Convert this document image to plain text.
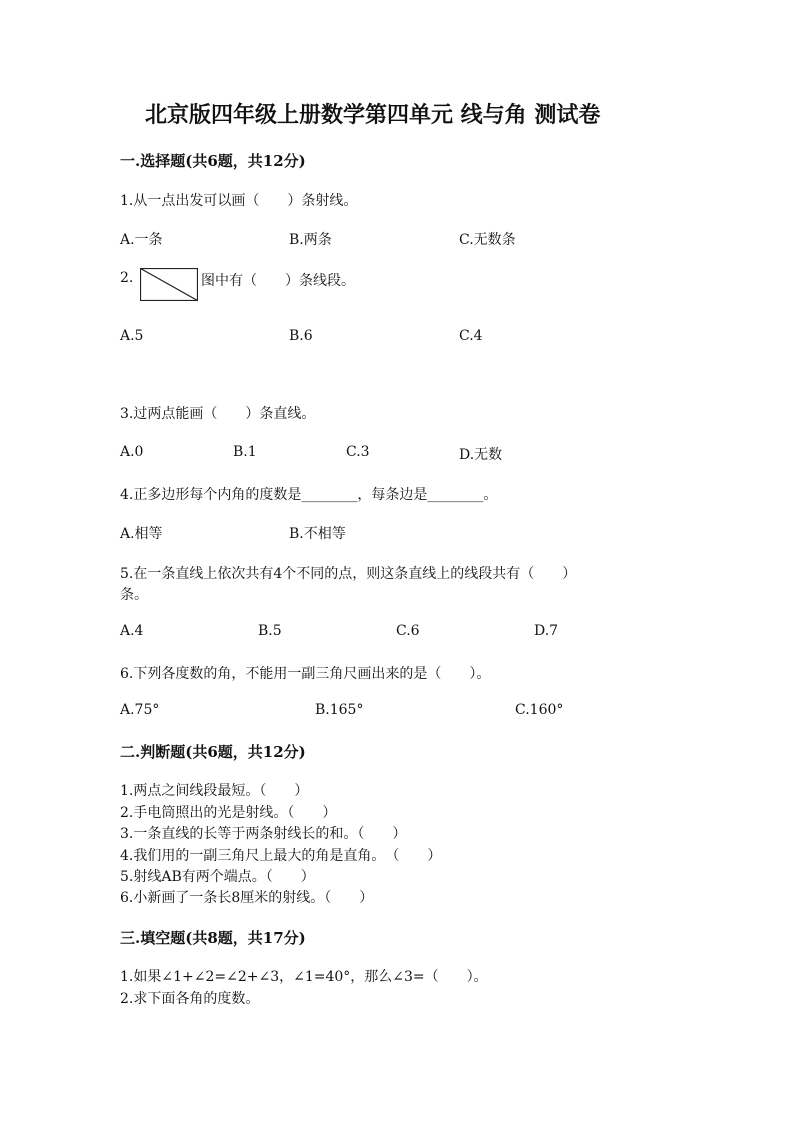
北京版四年级上册数学第四单元 线与角 测试卷
一.选择题(共6题，共12分)
1.从一点出发可以画（　　）条射线。
A.一条	B.两条	C.无数条
2.	图中有（　　）条线段。
A.5	B.6	C.4
3.过两点能画（　　）条直线。
A.0	B.1	C.3	D.无数
4.正多边形每个内角的度数是________，每条边是________。
A.相等	B.不相等
5.在一条直线上依次共有4个不同的点，则这条直线上的线段共有（　　）
条。
A.4	B.5	C.6	D.7
6.下列各度数的角，不能用一副三角尺画出来的是（　　）。
A.75°	B.165°	C.160°
二.判断题(共6题，共12分)
1.两点之间线段最短。（　　）
2.手电筒照出的光是射线。（　　）
3.一条直线的长等于两条射线长的和。（　　）
4.我们用的一副三角尺上最大的角是直角。　（　　）
5.射线AB有两个端点。（　　）
6.小新画了一条长8厘米的射线。（　　）
三.填空题(共8题，共17分)
1.如果∠1+∠2=∠2+∠3，∠1=40°，那么∠3=（　　）。
2.求下面各角的度数。
